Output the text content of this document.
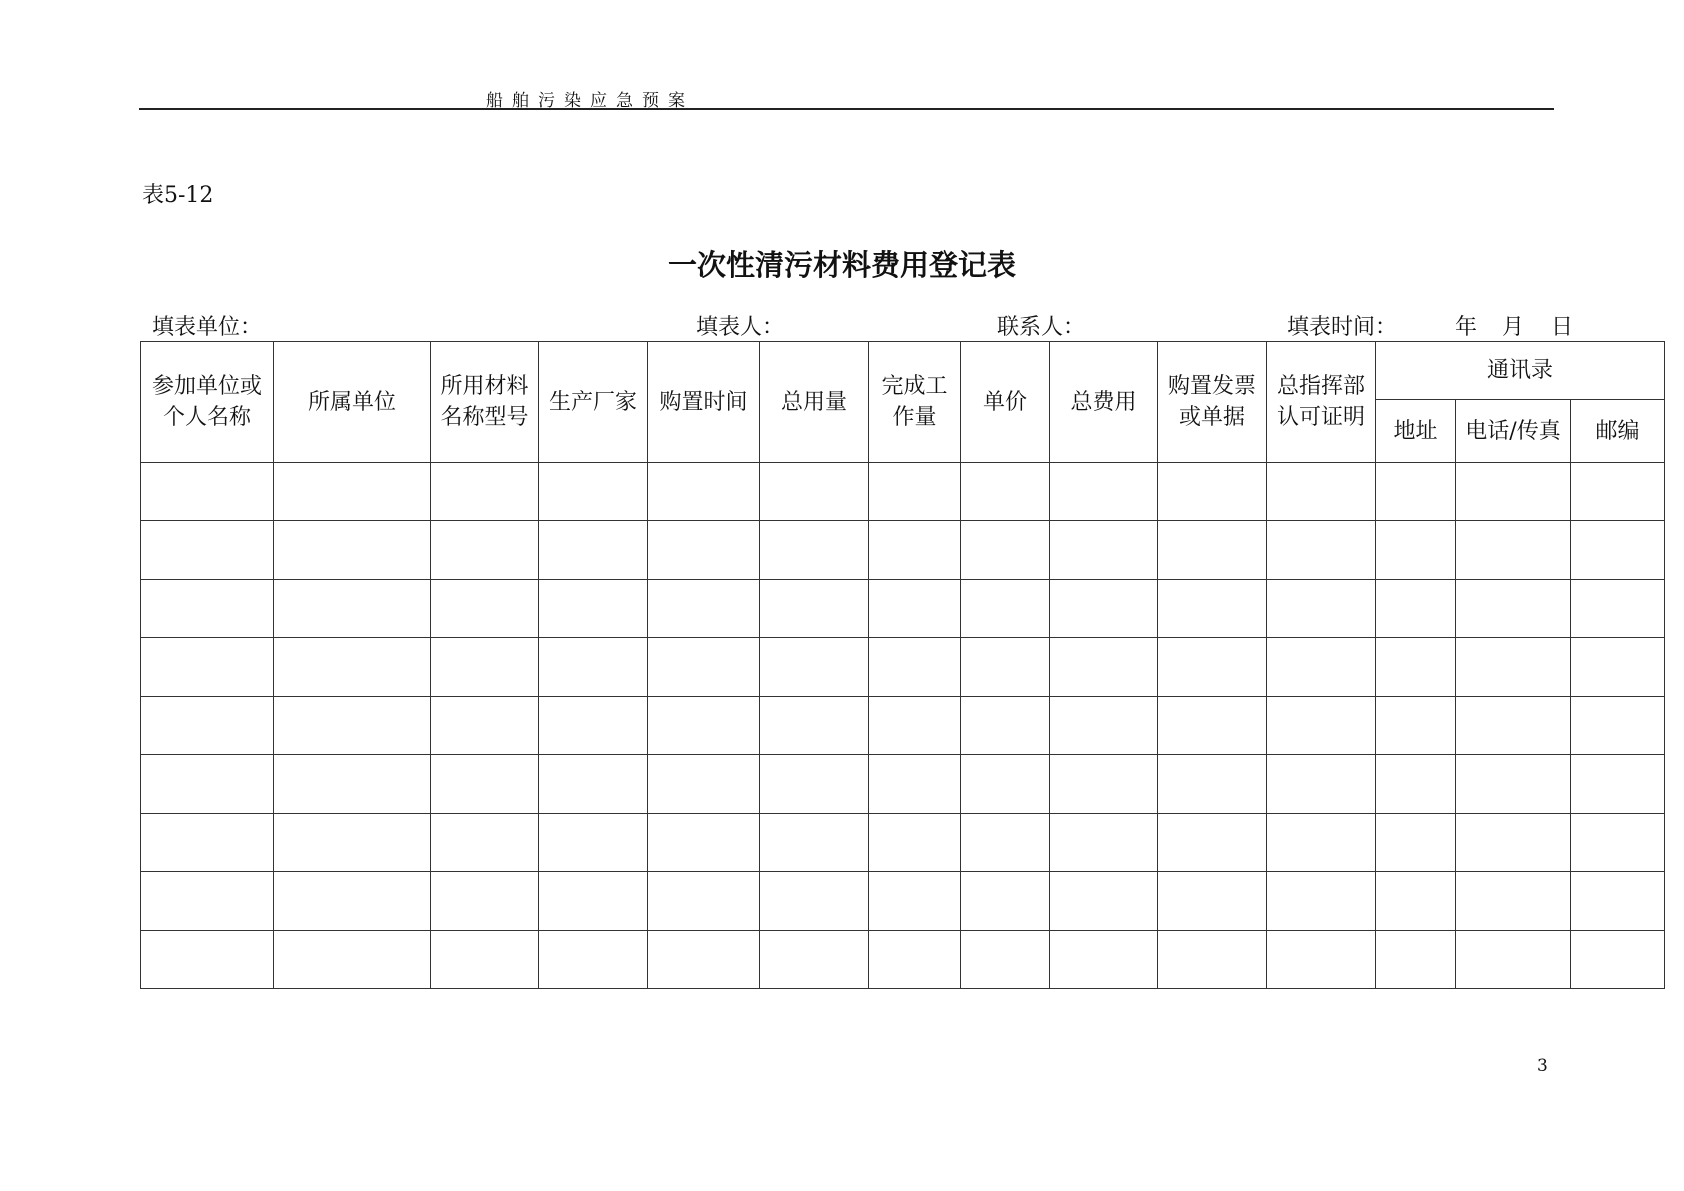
船舶污染应急预案
表5-12
一次性清污材料费用登记表
填表单位：	填表人：	联系人：	填表时间：	年 月 日
参加单位或个人名称	所属单位	所用材料名称型号	生产厂家	购置时间	总用量	完成工作量	单价	总费用	购置发票或单据	总指挥部认可证明	通讯录		
											地址	电话/传真	邮编

3
